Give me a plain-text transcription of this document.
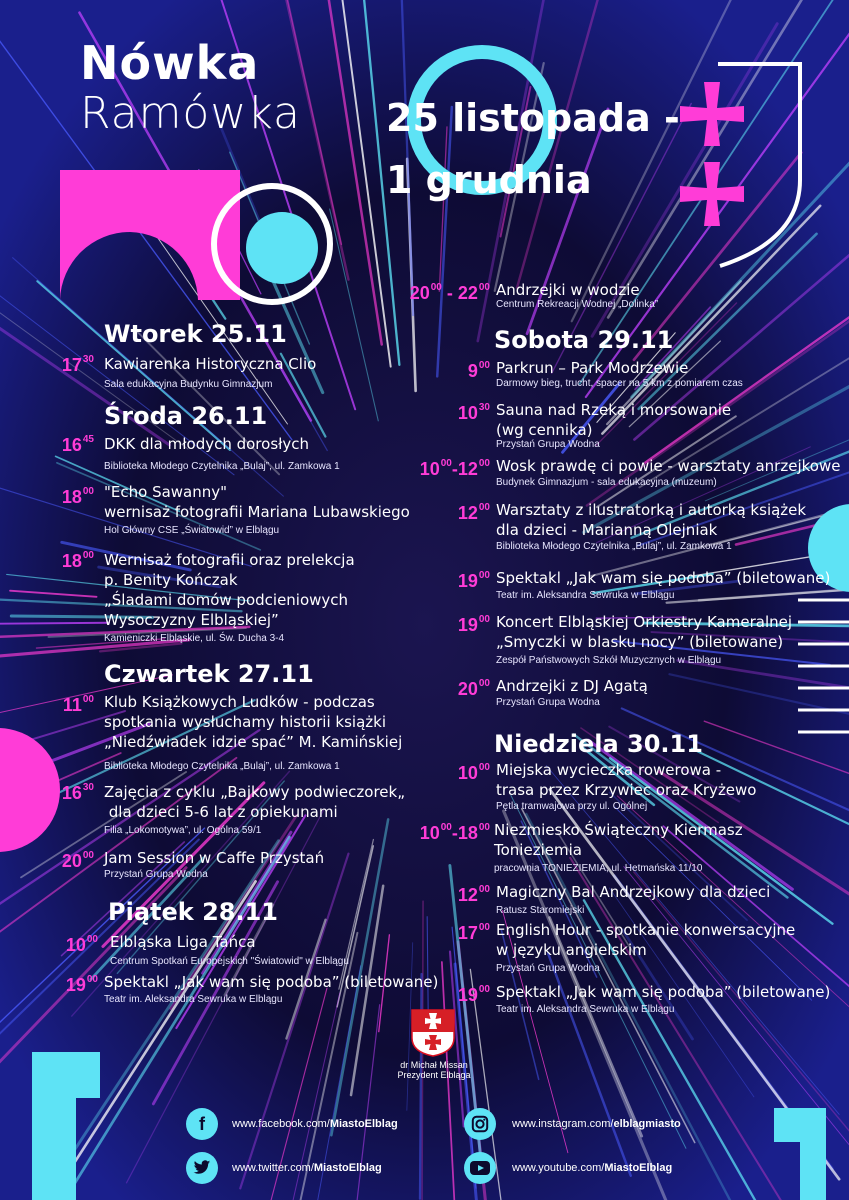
Nówka
Ramówka 25 listopada -
1 grudnia
Wtorek 25.11
$17^{30}$ Kawiarenka Historyczna Clio
Sala edukacyjna Budynku Gimnazjum
Środa 26.11
$16^{45}$ DKK dla młodych dorosłych
Biblioteka Młodego Czytelnika „Bulaj”, ul. Zamkowa 1
$18^{00}$ "Echo Sawanny"
wernisaż fotografii Mariana Lubawskiego
Hol Główny CSE „Światowid” w Elblągu
$18^{00}$ Wernisaż fotografii oraz prelekcja
p. Benity Kończak
„Śladami domów podcieniowych
Wysoczyzny Elbląskiej”
Kamieniczki Elbląskie, ul. Św. Ducha 3-4
Czwartek 27.11
$11^{00}$ Klub Książkowych Ludków - podczas
spotkania wysłuchamy historii książki
„Niedźwiadek idzie spać” M. Kamińskiej
Biblioteka Młodego Czytelnika „Bulaj”, ul. Zamkowa 1
$16^{30}$ Zajęcia z cyklu „Bajkowy podwieczorek„
dla dzieci 5-6 lat z opiekunami
Filia „Lokomotywa”, ul. Ogólna 59/1
$20^{00}$ Jam Session w Caffe Przystań
Przystań Grupa Wodna
Piątek 28.11
$10^{00}$ Elbląska Liga Tańca
Centrum Spotkań Europejskich "Światowid" w Elblągu
$19^{00}$ Spektakl „Jak wam się podoba” (biletowane)
Teatr im. Aleksandra Sewruka w Elblągu
$20^{00} - 22^{00}$ Andrzejki w wodzie
Centrum Rekreacji Wodnej „Dolinka”
Sobota 29.11
$9^{00}$ Parkrun – Park Modrzewie
Darmowy bieg, trucht, spacer na 5 km z pomiarem czas
$10^{30}$ Sauna nad Rzeką i morsowanie
(wg cennika)
Przystań Grupa Wodna
$10^{00}-12^{00}$ Wosk prawdę ci powie - warsztaty anrzejkowe
Budynek Gimnazjum - sala edukacyjna (muzeum)
$12^{00}$ Warsztaty z ilustratorką i autorką książek
dla dzieci - Marianną Olejniak
Biblioteka Młodego Czytelnika „Bulaj”, ul. Zamkowa 1
$19^{00}$ Spektakl „Jak wam się podoba” (biletowane)
Teatr im. Aleksandra Sewruka w Elblągu
$19^{00}$ Koncert Elbląskiej Orkiestry Kameralnej
„Smyczki w blasku nocy” (biletowane)
Zespół Państwowych Szkół Muzycznych w Elblągu
$20^{00}$ Andrzejki z DJ Agatą
Przystań Grupa Wodna
Niedziela 30.11
$10^{00}$ Miejska wycieczka rowerowa -
trasa przez Krzywiec oraz Kryżewo
Pętla tramwajowa przy ul. Ogólnej
$10^{00}-18^{00}$ Niezmiesko Świąteczny Kiermasz
Tonieziemia
pracownia TONIEZIEMIA, ul. Hetmańska 11/10
$12^{00}$ Magiczny Bal Andrzejkowy dla dzieci
Ratusz Staromiejski
$17^{00}$ English Hour - spotkanie konwersacyjne
w języku angielskim
Przystań Grupa Wodna
$19^{00}$ Spektakl „Jak wam się podoba” (biletowane)
Teatr im. Aleksandra Sewruka w Elblągu
dr Michał Missan
Prezydent Elbląga
f	www.facebook.com/MiastoElblag
www.twitter.com/MiastoElblag
www.instagram.com/elblagmiasto
www.youtube.com/MiastoElblag
